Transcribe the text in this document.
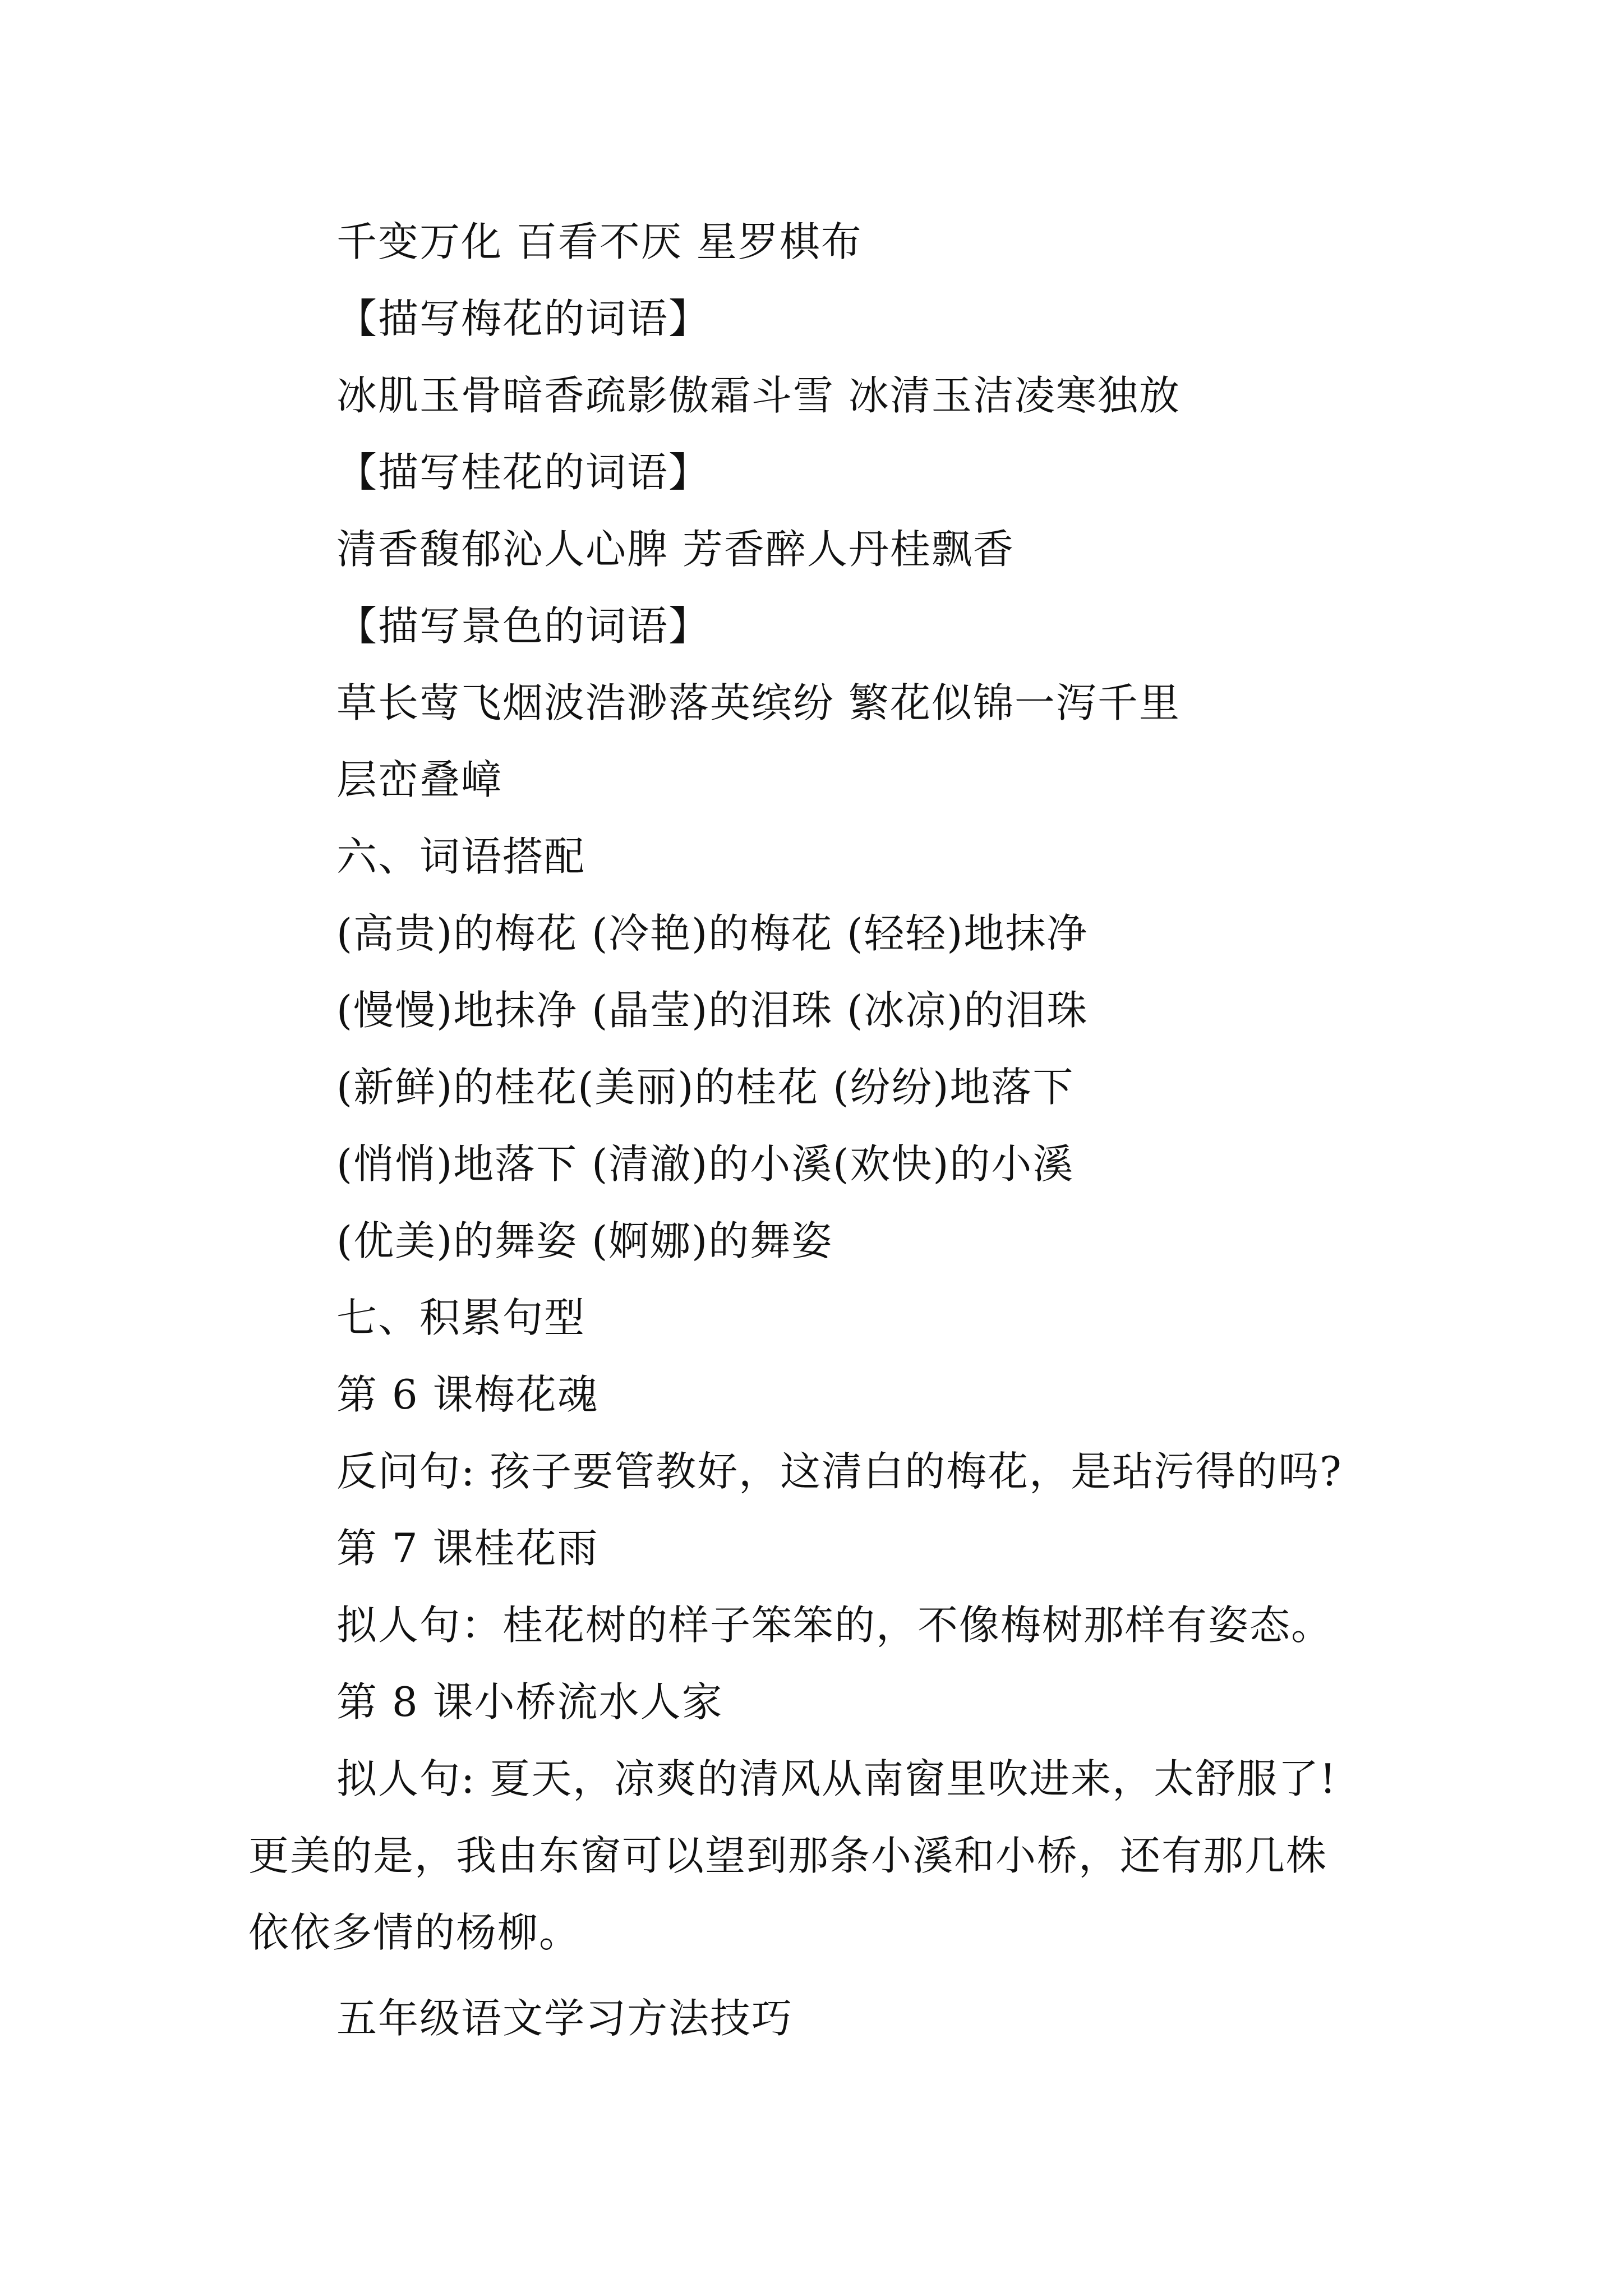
千变万化 百看不厌 星罗棋布
【描写梅花的词语】
冰肌玉骨暗香疏影傲霜斗雪 冰清玉洁凌寒独放
【描写桂花的词语】
清香馥郁沁人心脾 芳香醉人丹桂飘香
【描写景色的词语】
草长莺飞烟波浩渺落英缤纷 繁花似锦一泻千里
层峦叠嶂
六、词语搭配
(高贵)的梅花 (冷艳)的梅花 (轻轻)地抹净
(慢慢)地抹净 (晶莹)的泪珠 (冰凉)的泪珠
(新鲜)的桂花(美丽)的桂花 (纷纷)地落下
(悄悄)地落下 (清澈)的小溪(欢快)的小溪
(优美)的舞姿 (婀娜)的舞姿
七、积累句型
第 6 课梅花魂
反问句: 孩子要管教好，这清白的梅花，是玷污得的吗?
第 7 课桂花雨
拟人句：桂花树的样子笨笨的，不像梅树那样有姿态。
第 8 课小桥流水人家
拟人句: 夏天，凉爽的清风从南窗里吹进来，太舒服了!
更美的是，我由东窗可以望到那条小溪和小桥，还有那几株
依依多情的杨柳。
五年级语文学习方法技巧
